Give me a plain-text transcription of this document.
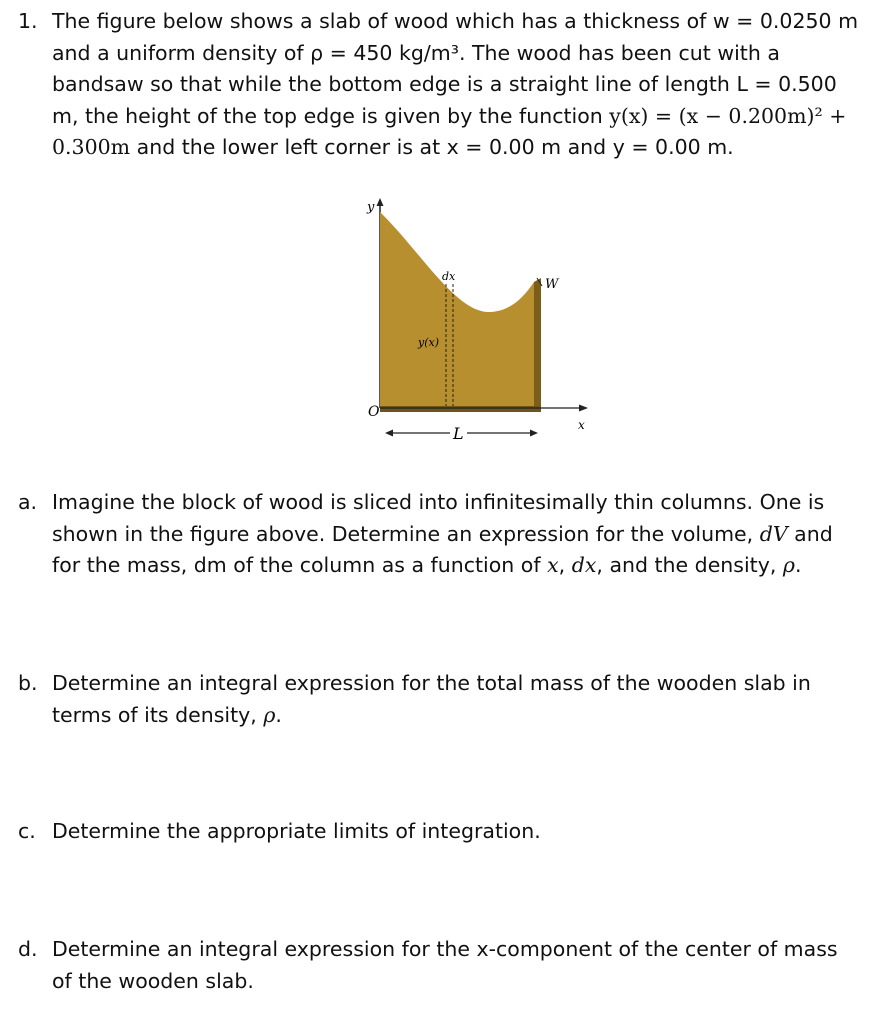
1. The figure below shows a slab of wood which has a thickness of w = 0.0250 m
and a uniform density of ρ = 450 kg/m³. The wood has been cut with a
bandsaw so that while the bottom edge is a straight line of length L = 0.500
m, the height of the top edge is given by the function y(x) = (x − 0.200m)² +
0.300m and the lower left corner is at x = 0.00 m and y = 0.00 m.
y
x
O
dx
y(x)
W
L
a. Imagine the block of wood is sliced into infinitesimally thin columns. One is
shown in the figure above. Determine an expression for the volume, dV and
for the mass, dm of the column as a function of x, dx, and the density, ρ.
b. Determine an integral expression for the total mass of the wooden slab in
terms of its density, ρ.
c. Determine the appropriate limits of integration.
d. Determine an integral expression for the x-component of the center of mass
of the wooden slab.
